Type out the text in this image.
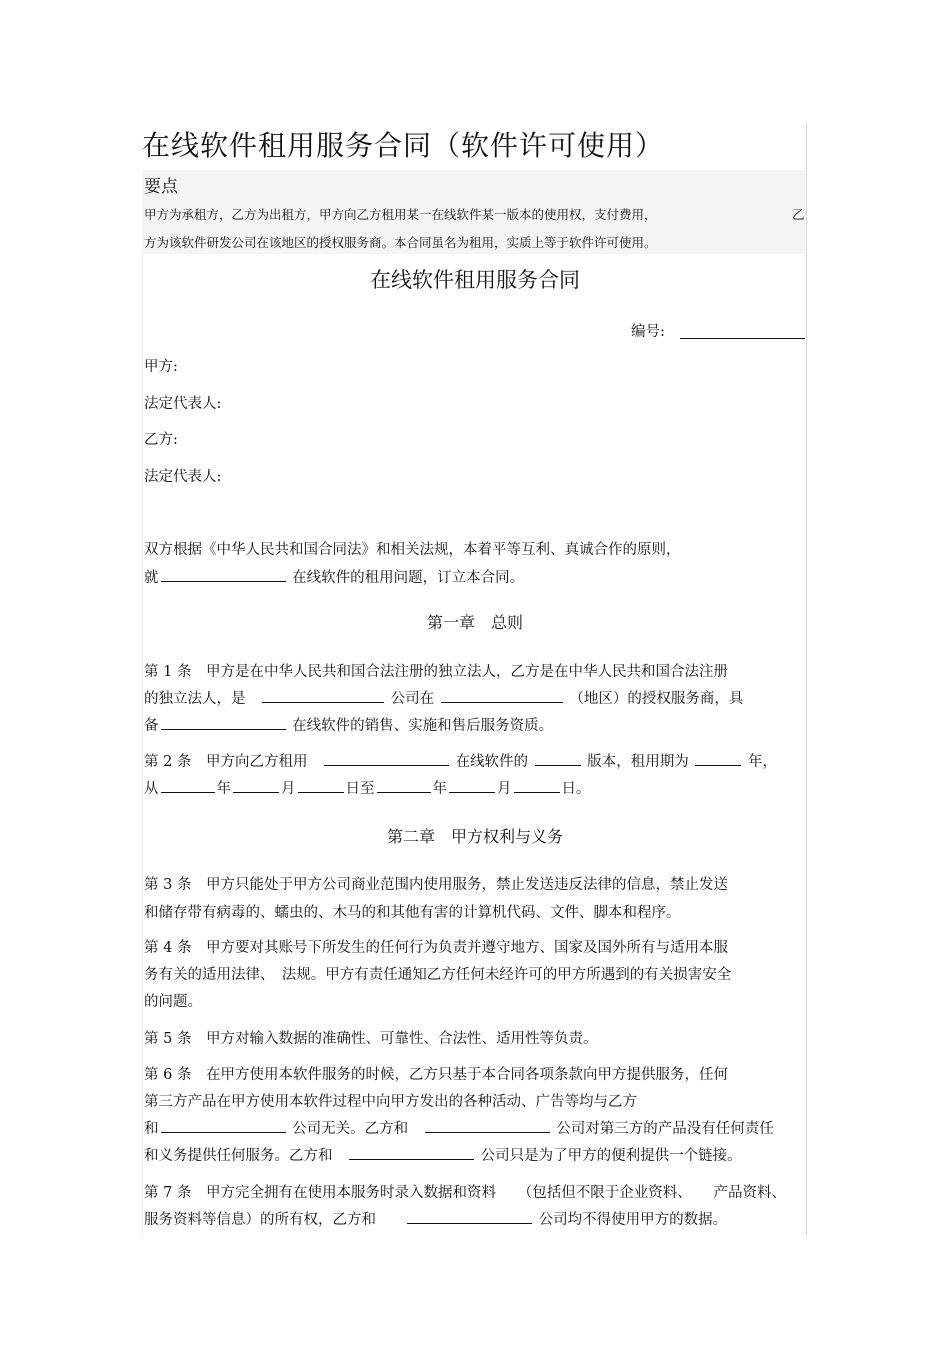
在线软件租用服务合同（软件许可使用）
要点
甲方为承租方，乙方为出租方，甲方向乙方租用某一在线软件某一版本的使用权，支付费用，	乙
方为该软件研发公司在该地区的授权服务商。本合同虽名为租用，实质上等于软件许可使用。
在线软件租用服务合同
编号:
甲方:
法定代表人:
乙方:
法定代表人:
双方根据《中华人民共和国合同法》和相关法规，本着平等互利、真诚合作的原则，
就	在线软件的租用问题，订立本合同。
第一章　总则
第 1 条　甲方是在中华人民共和国合法注册的独立法人，乙方是在中华人民共和国合法注册
的独立法人，是　	公司在	（地区）的授权服务商，具
备	在线软件的销售、实施和售后服务资质。
第 2 条　甲方向乙方租用　	在线软件的	版本，租用期为	年，
从	年	月	日至	年	月	日。
第二章　甲方权利与义务
第 3 条　甲方只能处于甲方公司商业范围内使用服务，禁止发送违反法律的信息，禁止发送
和储存带有病毒的、蠕虫的、木马的和其他有害的计算机代码、文件、脚本和程序。
第 4 条　甲方要对其账号下所发生的任何行为负责并遵守地方、国家及国外所有与适用本服
务有关的适用法律、　法规。甲方有责任通知乙方任何未经许可的甲方所遇到的有关损害安全
的问题。
第 5 条　甲方对输入数据的准确性、可靠性、合法性、适用性等负责。
第 6 条　在甲方使用本软件服务的时候，乙方只基于本合同各项条款向甲方提供服务，任何
第三方产品在甲方使用本软件过程中向甲方发出的各种活动、广告等均与乙方
和	公司无关。乙方和　	公司对第三方的产品没有任何责任
和义务提供任何服务。乙方和　	公司只是为了甲方的便利提供一个链接。
第 7 条　甲方完全拥有在使用本服务时录入数据和资料　　（包括但不限于企业资料、　　产品资料、
服务资料等信息）的所有权，乙方和　　	公司均不得使用甲方的数据。
